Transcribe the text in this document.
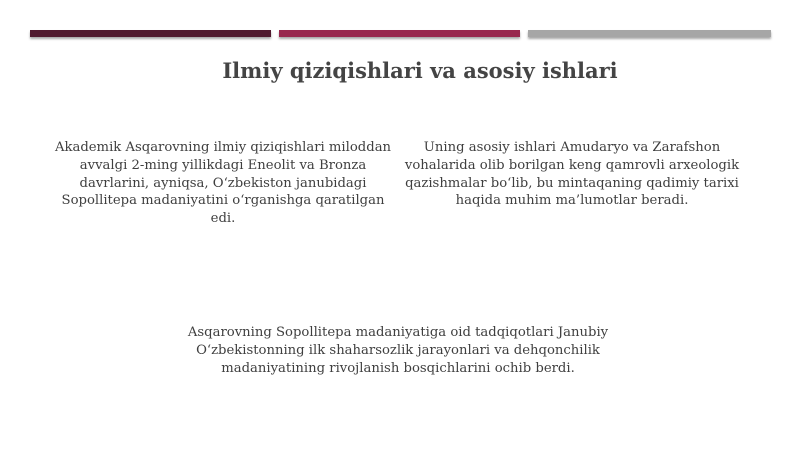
Ilmiy qiziqishlari va asosiy ishlari

Akademik Asqarovning ilmiy qiziqishlari miloddan avvalgi 2-ming yillikdagi Eneolit va Bronza davrlarini, ayniqsa, O‘zbekiston janubidagi Sopollitepa madaniyatini o‘rganishga qaratilgan edi.

Uning asosiy ishlari Amudaryo va Zarafshon vohalarida olib borilgan keng qamrovli arxeologik qazishmalar bo‘lib, bu mintaqaning qadimiy tarixi haqida muhim ma’lumotlar beradi.

Asqarovning Sopollitepa madaniyatiga oid tadqiqotlari Janubiy O‘zbekistonning ilk shaharsozlik jarayonlari va dehqonchilik madaniyatining rivojlanish bosqichlarini ochib berdi.
